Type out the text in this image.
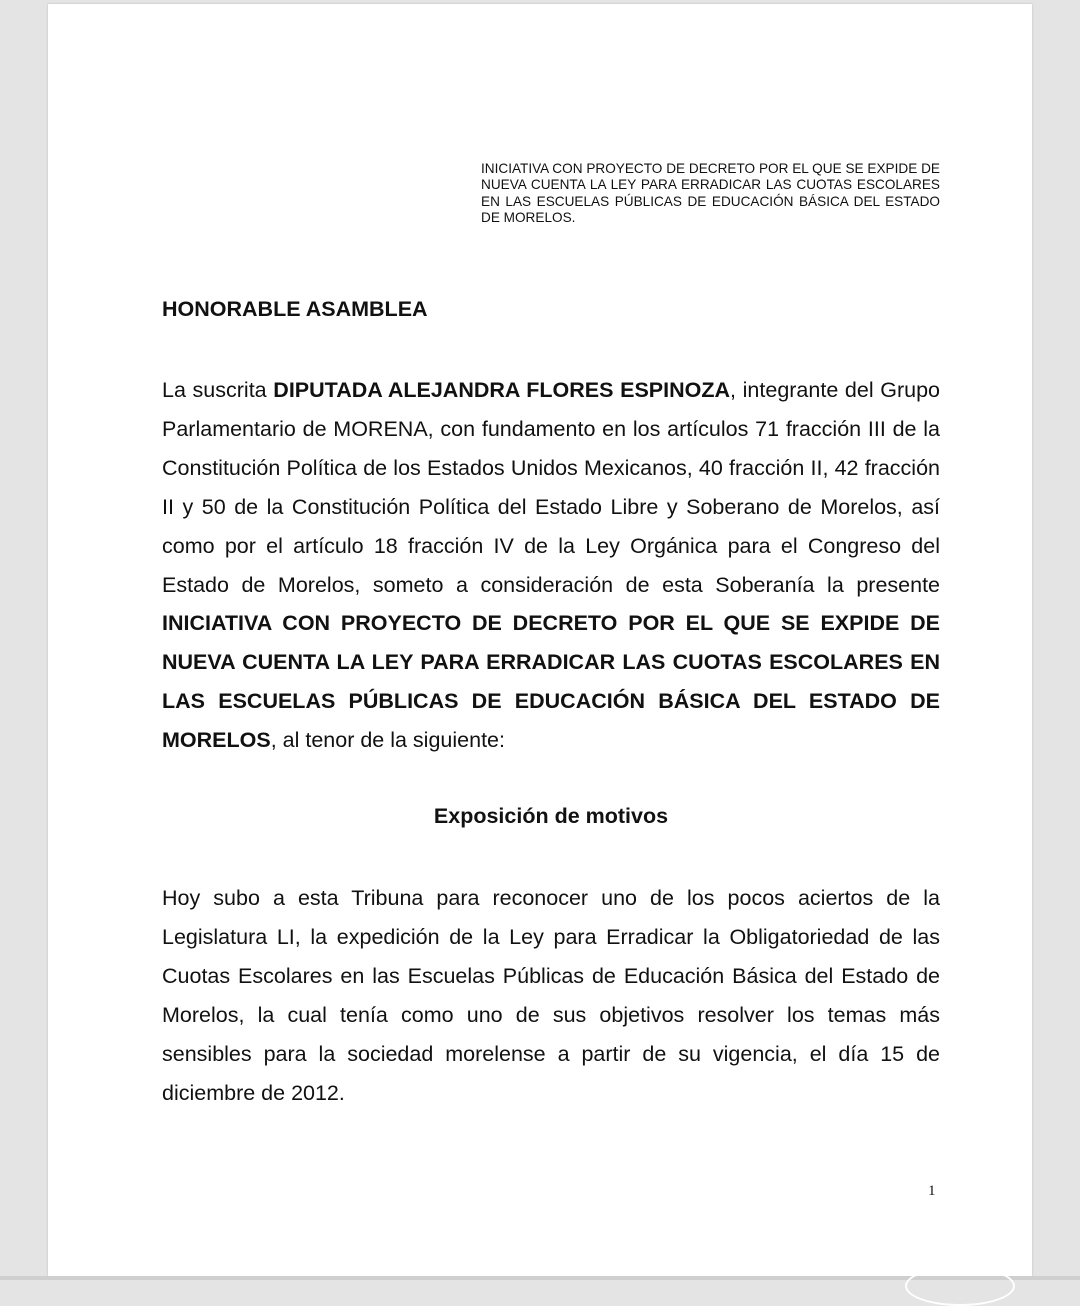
INICIATIVA CON PROYECTO DE DECRETO POR EL QUE SE EXPIDE DE NUEVA CUENTA LA LEY PARA ERRADICAR LAS CUOTAS ESCOLARES EN LAS ESCUELAS PÚBLICAS DE EDUCACIÓN BÁSICA DEL ESTADO DE MORELOS.

HONORABLE ASAMBLEA

La suscrita DIPUTADA ALEJANDRA FLORES ESPINOZA, integrante del Grupo Parlamentario de MORENA, con fundamento en los artículos 71 fracción III de la Constitución Política de los Estados Unidos Mexicanos, 40 fracción II, 42 fracción II y 50 de la Constitución Política del Estado Libre y Soberano de Morelos, así como por el artículo 18 fracción IV de la Ley Orgánica para el Congreso del Estado de Morelos, someto a consideración de esta Soberanía la presente INICIATIVA CON PROYECTO DE DECRETO POR EL QUE SE EXPIDE DE NUEVA CUENTA LA LEY PARA ERRADICAR LAS CUOTAS ESCOLARES EN LAS ESCUELAS PÚBLICAS DE EDUCACIÓN BÁSICA DEL ESTADO DE MORELOS, al tenor de la siguiente:

Exposición de motivos

Hoy subo a esta Tribuna para reconocer uno de los pocos aciertos de la Legislatura LI, la expedición de la Ley para Erradicar la Obligatoriedad de las Cuotas Escolares en las Escuelas Públicas de Educación Básica del Estado de Morelos, la cual tenía como uno de sus objetivos resolver los temas más sensibles para la sociedad morelense a partir de su vigencia, el día 15 de diciembre de 2012.

1
